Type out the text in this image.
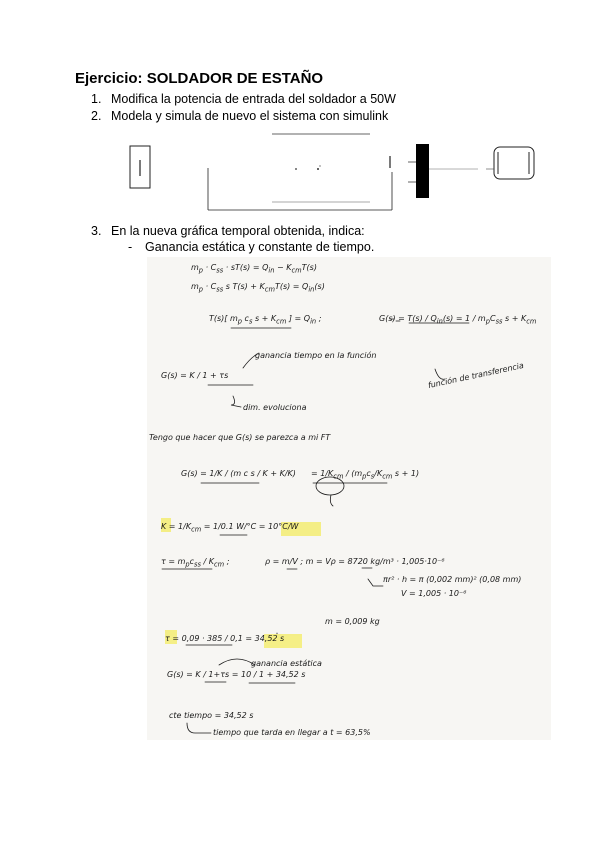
Ejercicio: SOLDADOR DE ESTAÑO
1. Modifica la potencia de entrada del soldador a 50W
2. Modela y simula de nuevo el sistema con simulink
3. En la nueva gráfica temporal obtenida, indica:
- Ganancia estática y constante de tiempo.
$m_p \cdot C_{ss} \cdot sT(s) = Q_{in} - K_{cm}T(s)$
$m_p \cdot C_{ss}$ s $T(s) + K_{cm}T(s) = Q_{in}(s)$
T(s)[ $m_p$ $c_s$ $s + K_{cm}$ ] = $Q_{in}$ ;	$G(s) = T(s) / Q_{in}(s) = 1 / m_pC_{ss}$ $s + K_{cm}$
ganancia tiempo en la función
G(s) = K / 1 + τs
dim. evoluciona
función de transferencia
Tengo que hacer que G(s) se parezca a mi FT
G(s) = 1/K / (m c $s / K + K/K) = 1/K_{cm} / (m_pc_s/K_{cm}$ s + 1)
$K = 1/K_{cm} = 1/0.1$ W/°C = 10°C/W
$\tau = m_pc_{ss} / K_{cm}$ ;	ρ = m/V ; m = Vρ = 8720 kg/m³ · 1,005·10⁻⁶
πr² · h = π (0,002 mm)² (0,08 mm)
V = 1,005 · 10⁻⁶
m = 0,009 kg
τ = 0,09 · 385 / 0,1 = 34,52 s
G(s) = K / 1+τs = 10 / 1 + 34,52 s
ganancia estática
cte tiempo = 34,52 s
tiempo que tarda en llegar a t = 63,5%
